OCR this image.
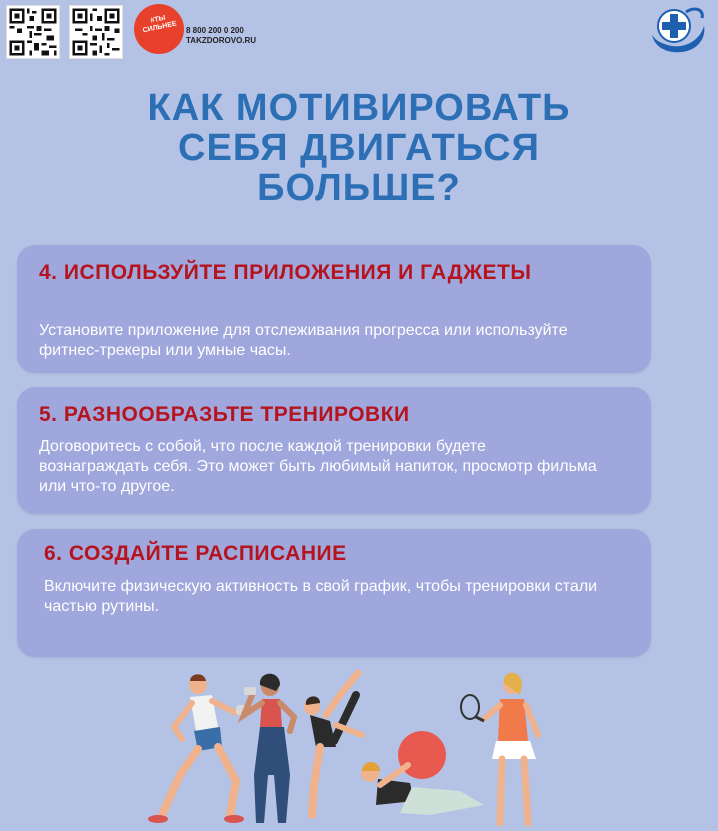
#ТЫ СИЛЬНЕЕ	8 800 200 0 200
TAKZDOROVO.RU
КАК МОТИВИРОВАТЬ
СЕБЯ ДВИГАТЬСЯ
БОЛЬШЕ?
4. ИСПОЛЬЗУЙТЕ ПРИЛОЖЕНИЯ И ГАДЖЕТЫ

Установите приложение для отслеживания прогресса или используйте фитнес-трекеры или умные часы.

5. РАЗНООБРАЗЬТЕ ТРЕНИРОВКИ

Договоритесь с собой, что после каждой тренировки будете вознаграждать себя. Это может быть любимый напиток, просмотр фильма или что-то другое.

6. СОЗДАЙТЕ РАСПИСАНИЕ

Включите физическую активность в свой график, чтобы тренировки стали частью рутины.
